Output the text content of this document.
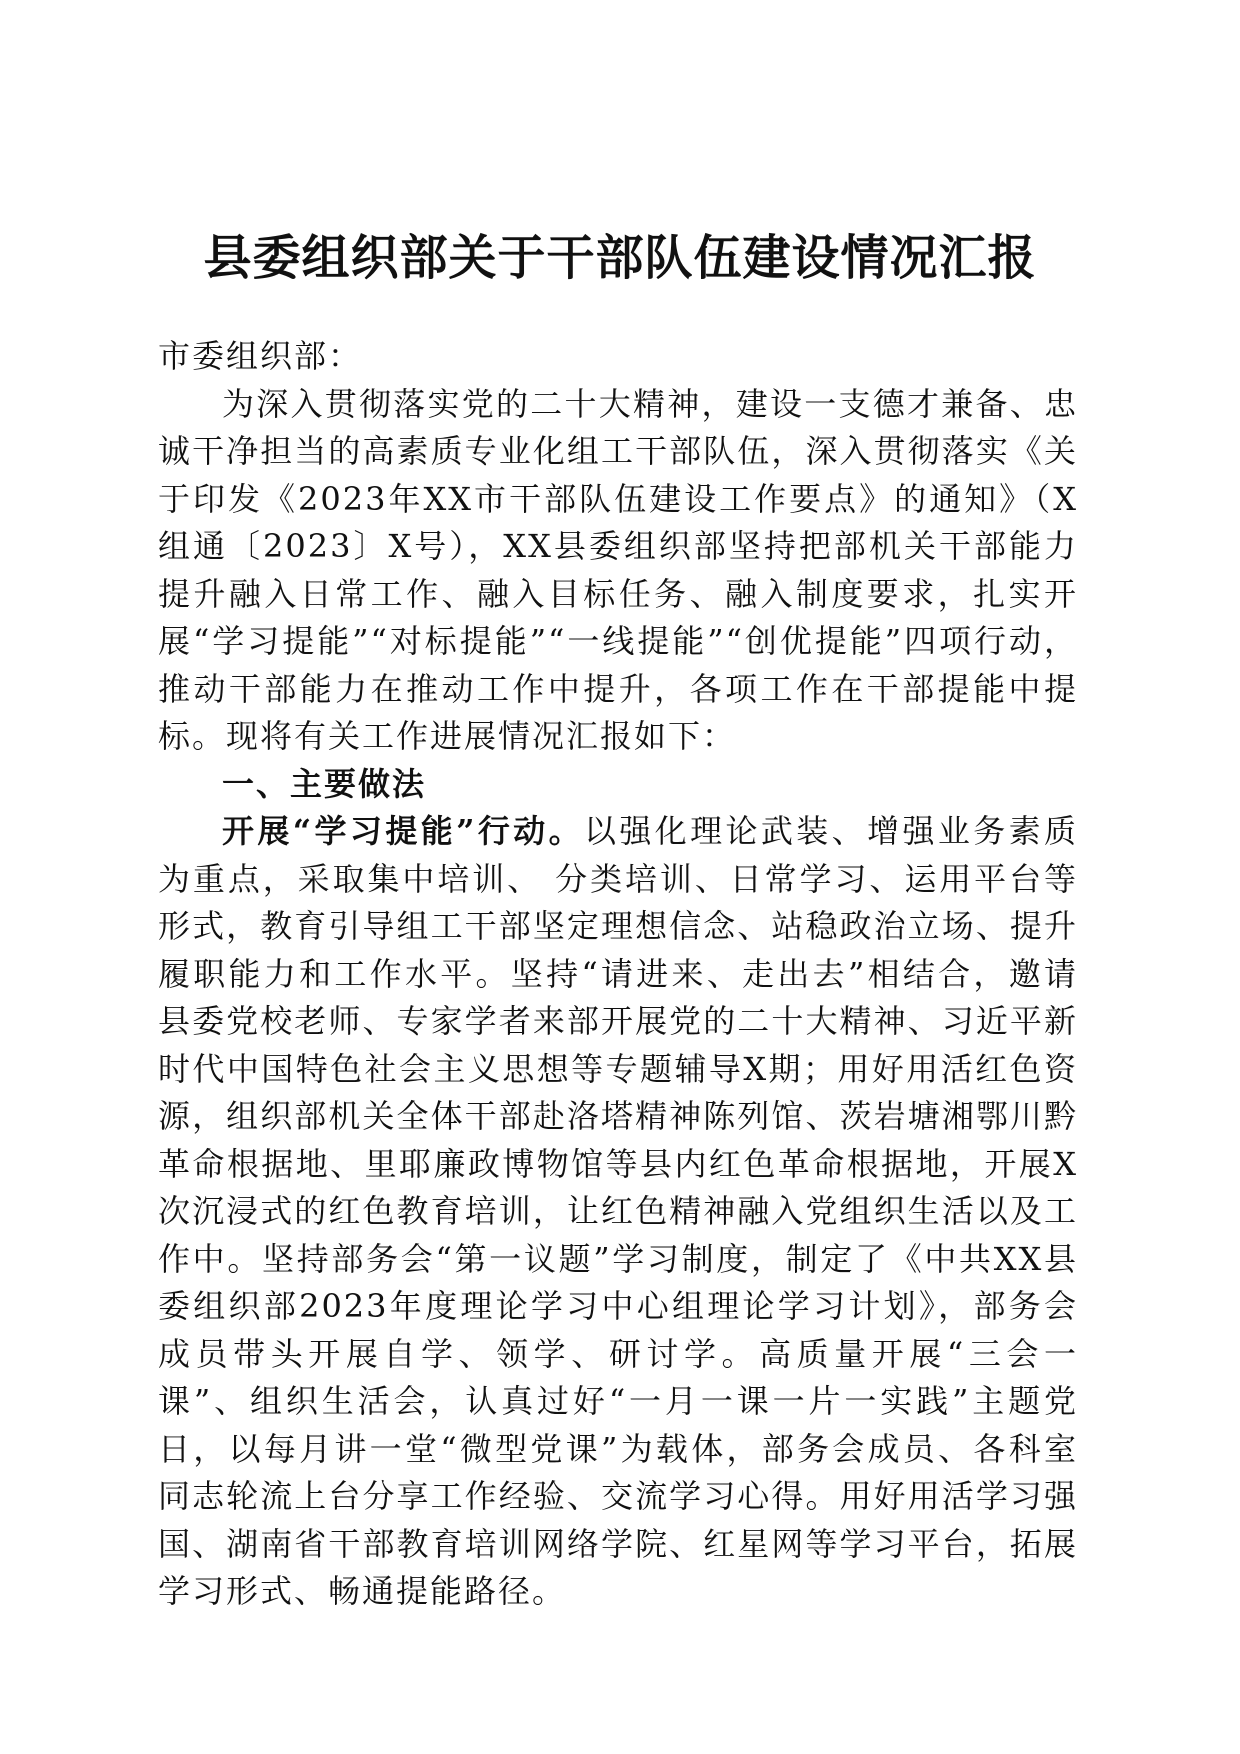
县委组织部关于干部队伍建设情况汇报

市委组织部：

为深入贯彻落实党的二十大精神，建设一支德才兼备、忠诚干净担当的高素质专业化组工干部队伍，深入贯彻落实《关于印发《2023年XX市干部队伍建设工作要点》的通知》（X组通〔2023〕X号），XX县委组织部坚持把部机关干部能力提升融入日常工作、融入目标任务、融入制度要求，扎实开展“学习提能”“对标提能”“一线提能”“创优提能”四项行动，推动干部能力在推动工作中提升，各项工作在干部提能中提标。现将有关工作进展情况汇报如下：

一、主要做法

开展“学习提能”行动。以强化理论武装、增强业务素质为重点，采取集中培训、 分类培训、日常学习、运用平台等形式，教育引导组工干部坚定理想信念、站稳政治立场、提升履职能力和工作水平。坚持“请进来、走出去”相结合，邀请县委党校老师、专家学者来部开展党的二十大精神、习近平新时代中国特色社会主义思想等专题辅导X期；用好用活红色资源，组织部机关全体干部赴洛塔精神陈列馆、茨岩塘湘鄂川黔革命根据地、里耶廉政博物馆等县内红色革命根据地，开展X次沉浸式的红色教育培训，让红色精神融入党组织生活以及工作中。坚持部务会“第一议题”学习制度，制定了《中共XX县委组织部2023年度理论学习中心组理论学习计划》，部务会成员带头开展自学、领学、研讨学。高质量开展“三会一课”、组织生活会，认真过好“一月一课一片一实践”主题党日，以每月讲一堂“微型党课”为载体，部务会成员、各科室同志轮流上台分享工作经验、交流学习心得。用好用活学习强国、湖南省干部教育培训网络学院、红星网等学习平台，拓展学习形式、畅通提能路径。
